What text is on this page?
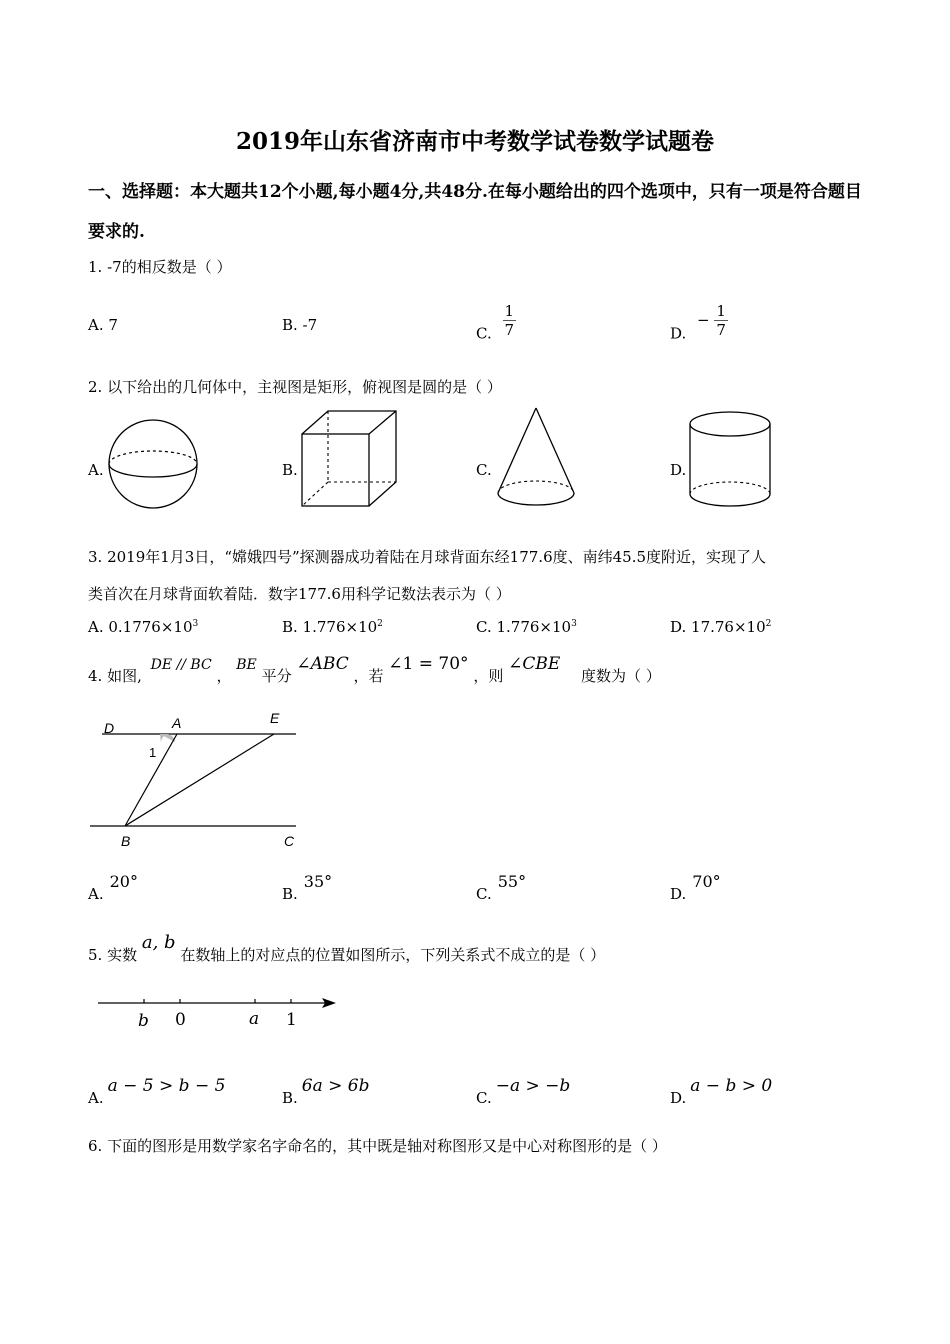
2019年山东省济南市中考数学试卷数学试题卷
一、选择题：本大题共12个小题,每小题4分,共48分.在每小题给出的四个选项中，只有一项是符合题目要求的.
1. -7的相反数是（ ）
A. 7	B. -7	C. $\frac{1}{7}$	D. − $\frac{1}{7}$
2. 以下给出的几何体中，主视图是矩形，俯视图是圆的是（ ）
A.	B.	C.	D.
3. 2019年1月3日，“嫦娥四号”探测器成功着陆在月球背面东经177.6度、南纬45.5度附近，实现了人
类首次在月球背面软着陆．数字177.6用科学记数法表示为（ ）
A. $0.1776\times 10^3$	B. $1.776\times 10^2$	C. $1.776\times 10^3$	D. $17.76\times 10^2$
4. 如图, DE // BC ， BE 平分 ∠ABC ，若 ∠1 = 70° ，则 ∠CBE 度数为（ ）
D	A	E
1
B	C
A.20°
B.35°
C.55°
D.70°
5. 实数 a, b 在数轴上的对应点的位置如图所示，下列关系式不成立的是（ ）
b 0	a 1
A.a − 5 > b − 5
B.6a > 6b
C.−a > −b
D.a − b > 0
6. 下面的图形是用数学家名字命名的，其中既是轴对称图形又是中心对称图形的是（ ）
